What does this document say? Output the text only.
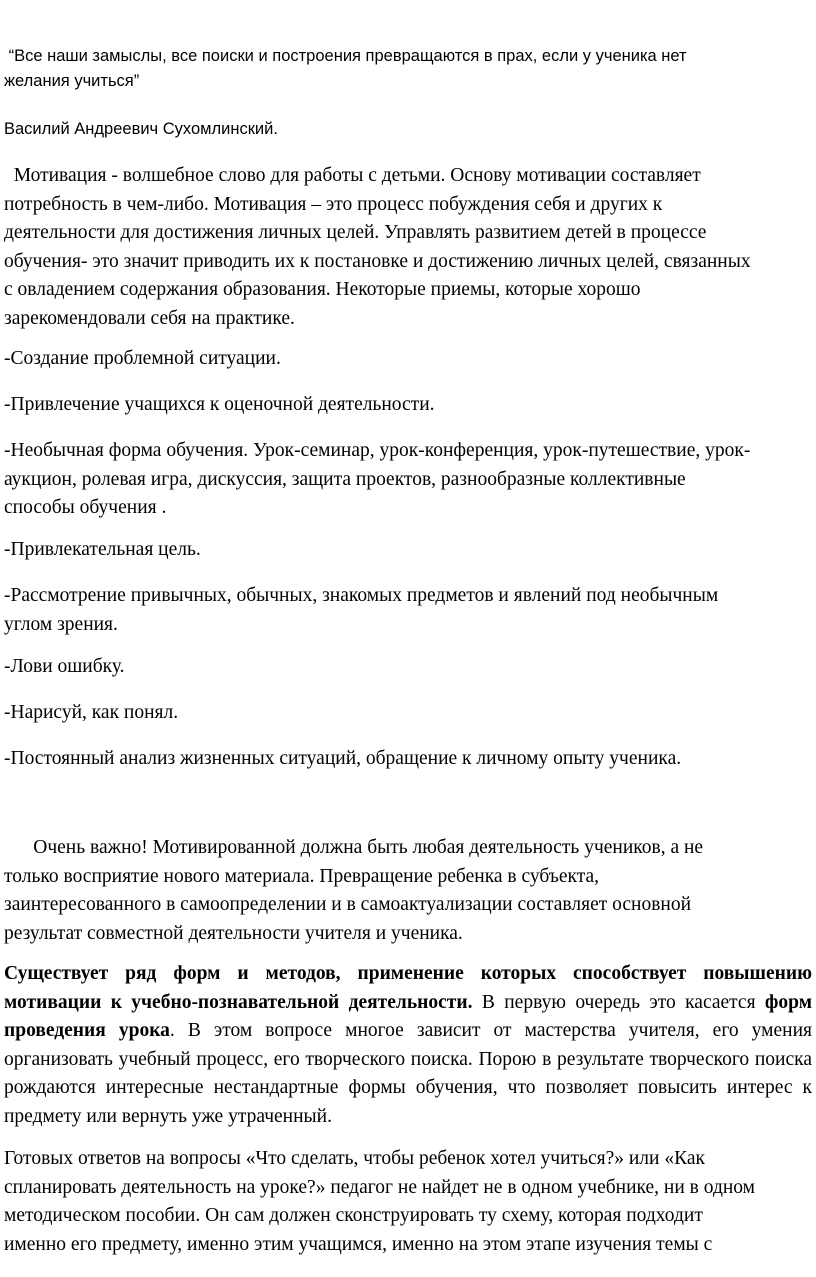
“Все наши замыслы, все поиски и построения превращаются в прах, если у ученика нет
желания учиться”
Василий Андреевич Сухомлинский.
Мотивация - волшебное слово для работы с детьми. Основу мотивации составляет
потребность в чем-либо. Мотивация – это процесс побуждения себя и других к
деятельности для достижения личных целей. Управлять развитием детей в процессе
обучения- это значит приводить их к постановке и достижению личных целей, связанных
с овладением содержания образования. Некоторые приемы, которые хорошо
зарекомендовали себя на практике.
-Создание проблемной ситуации.
-Привлечение учащихся к оценочной деятельности.
-Необычная форма обучения. Урок-семинар, урок-конференция, урок-путешествие, урок-
аукцион, ролевая игра, дискуссия, защита проектов, разнообразные коллективные
способы обучения .
-Привлекательная цель.
-Рассмотрение привычных, обычных, знакомых предметов и явлений под необычным
углом зрения.
-Лови ошибку.
-Нарисуй, как понял.
-Постоянный анализ жизненных ситуаций, обращение к личному опыту ученика.
Очень важно! Мотивированной должна быть любая деятельность учеников, а не
только восприятие нового материала. Превращение ребенка в субъекта,
заинтересованного в самоопределении и в самоактуализации составляет основной
результат совместной деятельности учителя и ученика.
Существует ряд форм и методов, применение которых способствует повышению мотивации к учебно-познавательной деятельности. В первую очередь это касается форм проведения урока. В этом вопросе многое зависит от мастерства учителя, его умения организовать учебный процесс, его творческого поиска. Порою в результате творческого поиска рождаются интересные нестандартные формы обучения, что позволяет повысить интерес к предмету или вернуть уже утраченный.
Готовых ответов на вопросы «Что сделать, чтобы ребенок хотел учиться?» или «Как
спланировать деятельность на уроке?» педагог не найдет не в одном учебнике, ни в одном
методическом пособии. Он сам должен сконструировать ту схему, которая подходит
именно его предмету, именно этим учащимся, именно на этом этапе изучения темы с
